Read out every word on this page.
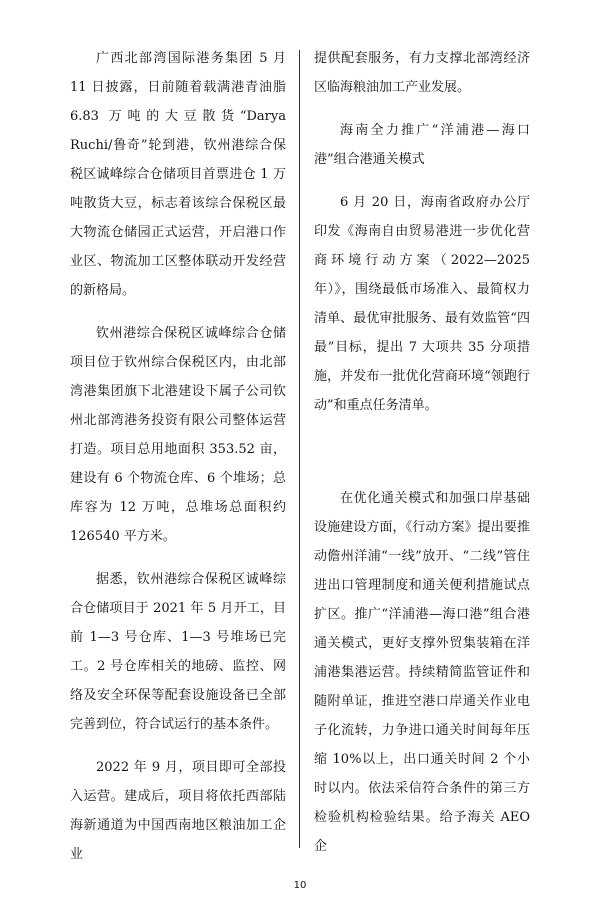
广西北部湾国际港务集团 5 月 11 日披露，日前随着载满港青油脂 6.83 万吨的大豆散货“Darya Ruchi/鲁奇”轮到港，钦州港综合保税区诚峰综合仓储项目首票进仓 1 万吨散货大豆，标志着该综合保税区最大物流仓储园正式运营，开启港口作业区、物流加工区整体联动开发经营的新格局。

钦州港综合保税区诚峰综合仓储项目位于钦州综合保税区内，由北部湾港集团旗下北港建设下属子公司钦州北部湾港务投资有限公司整体运营打造。项目总用地面积 353.52 亩，建设有 6 个物流仓库、6 个堆场；总库容为 12 万吨，总堆场总面积约 126540 平方米。

据悉，钦州港综合保税区诚峰综合仓储项目于 2021 年 5 月开工，目前 1—3 号仓库、1—3 号堆场已完工。2 号仓库相关的地磅、监控、网络及安全环保等配套设施设备已全部完善到位，符合试运行的基本条件。

2022 年 9 月，项目即可全部投入运营。建成后，项目将依托西部陆海新通道为中国西南地区粮油加工企业

提供配套服务，有力支撑北部湾经济区临海粮油加工产业发展。

海南全力推广“洋浦港—海口港”组合港通关模式

6 月 20 日，海南省政府办公厅印发《海南自由贸易港进一步优化营商环境行动方案（2022—2025 年）》，围绕最低市场准入、最简权力清单、最优审批服务、最有效监管“四最”目标，提出 7 大项共 35 分项措施，并发布一批优化营商环境“领跑行动”和重点任务清单。

在优化通关模式和加强口岸基础设施建设方面，《行动方案》提出要推动儋州洋浦“一线”放开、“二线”管住进出口管理制度和通关便利措施试点扩区。推广“洋浦港—海口港”组合港通关模式，更好支撑外贸集装箱在洋浦港集港运营。持续精简监管证件和随附单证，推进空港口岸通关作业电子化流转，力争进口通关时间每年压缩 10%以上，出口通关时间 2 个小时以内。依法采信符合条件的第三方检验机构检验结果。给予海关 AEO 企

10
